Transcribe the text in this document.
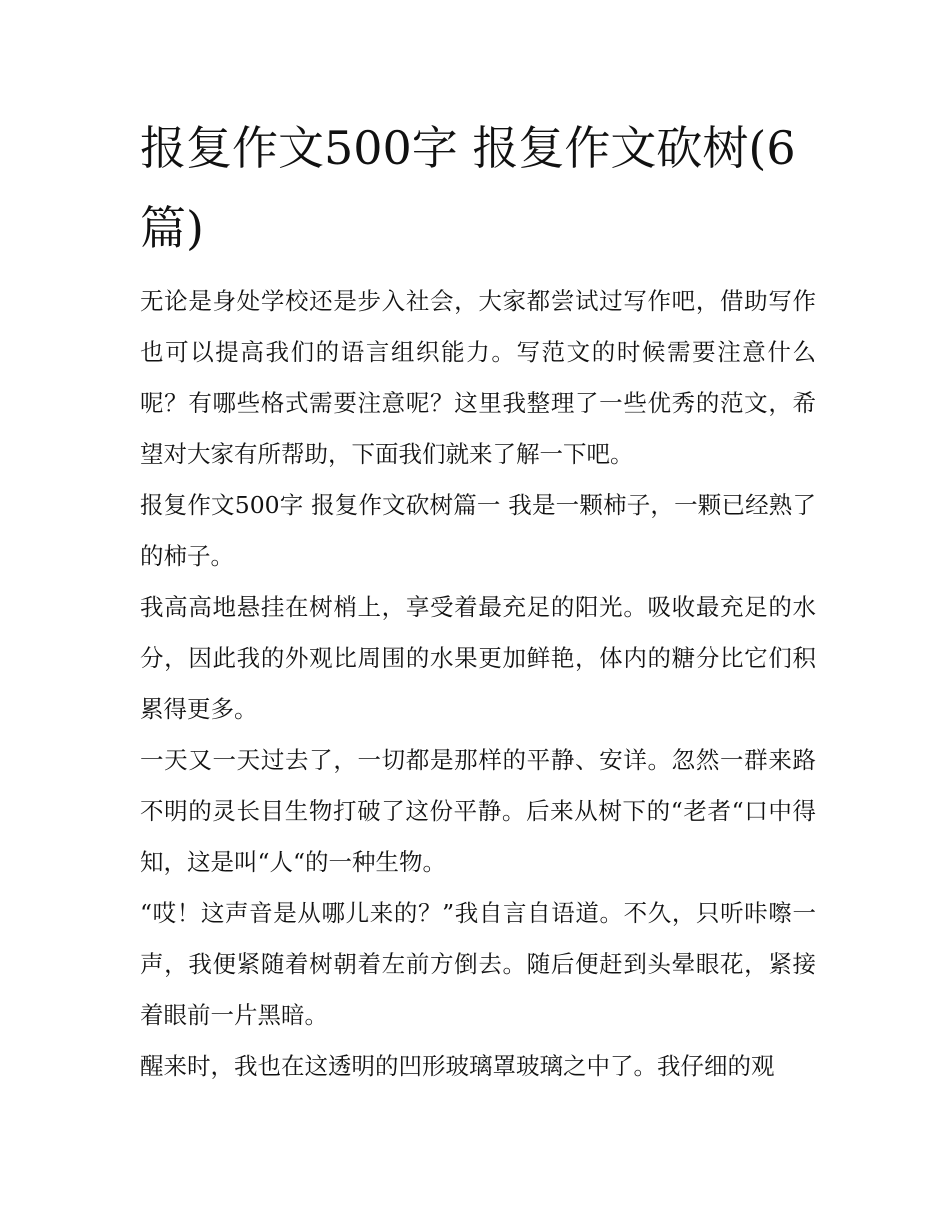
报复作文500字 报复作文砍树(6篇)

无论是身处学校还是步入社会，大家都尝试过写作吧，借助写作也可以提高我们的语言组织能力。写范文的时候需要注意什么呢？有哪些格式需要注意呢？这里我整理了一些优秀的范文，希望对大家有所帮助，下面我们就来了解一下吧。

报复作文500字 报复作文砍树篇一 我是一颗柿子，一颗已经熟了的柿子。

我高高地悬挂在树梢上，享受着最充足的阳光。吸收最充足的水分，因此我的外观比周围的水果更加鲜艳，体内的糖分比它们积累得更多。

一天又一天过去了，一切都是那样的平静、安详。忽然一群来路不明的灵长目生物打破了这份平静。后来从树下的“老者“口中得知，这是叫“人“的一种生物。

“哎！这声音是从哪儿来的？”我自言自语道。不久，只听咔嚓一声，我便紧随着树朝着左前方倒去。随后便赶到头晕眼花，紧接着眼前一片黑暗。

醒来时，我也在这透明的凹形玻璃罩玻璃之中了。我仔细的观
